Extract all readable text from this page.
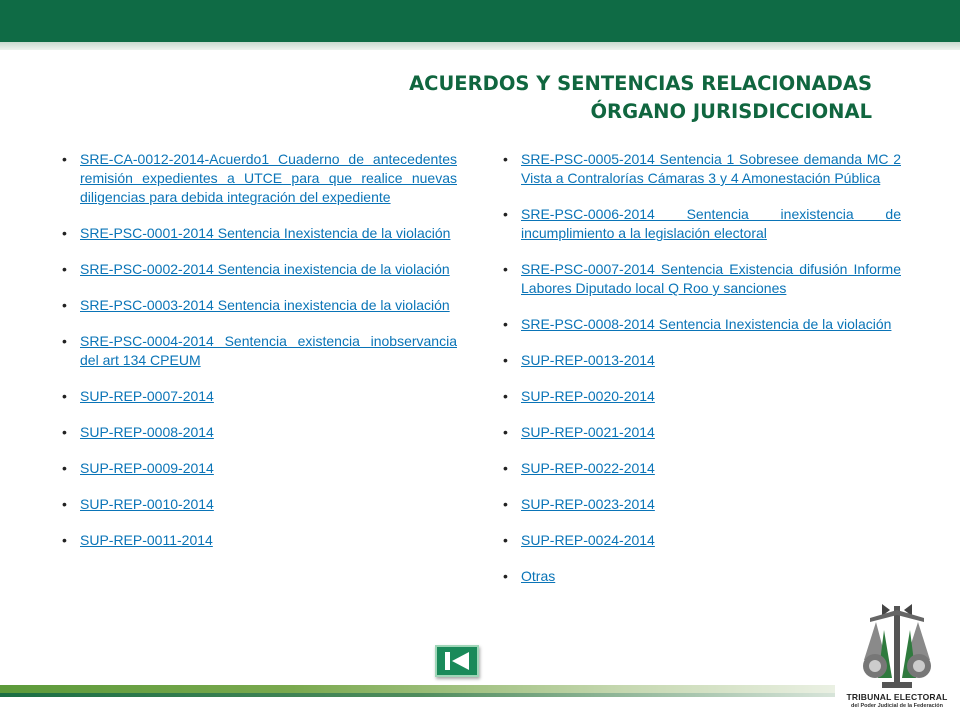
ACUERDOS Y SENTENCIAS RELACIONADAS
ÓRGANO JURISDICCIONAL
• SRE-CA-0012-2014-Acuerdo1 Cuaderno de antecedentes remisión expedientes a UTCE para que realice nuevas diligencias para debida integración del expediente
• SRE-PSC-0001-2014 Sentencia Inexistencia de la violación
• SRE-PSC-0002-2014 Sentencia inexistencia de la violación
• SRE-PSC-0003-2014 Sentencia inexistencia de la violación
• SRE-PSC-0004-2014 Sentencia existencia inobservancia del art 134 CPEUM
• SUP-REP-0007-2014
• SUP-REP-0008-2014
• SUP-REP-0009-2014
• SUP-REP-0010-2014
• SUP-REP-0011-2014
• SRE-PSC-0005-2014 Sentencia 1 Sobresee demanda MC 2 Vista a Contralorías Cámaras 3 y 4 Amonestación Pública
• SRE-PSC-0006-2014 Sentencia inexistencia de incumplimiento a la legislación electoral
• SRE-PSC-0007-2014 Sentencia Existencia difusión Informe Labores Diputado local Q Roo y sanciones
• SRE-PSC-0008-2014 Sentencia Inexistencia de la violación
• SUP-REP-0013-2014
• SUP-REP-0020-2014
• SUP-REP-0021-2014
• SUP-REP-0022-2014
• SUP-REP-0023-2014
• SUP-REP-0024-2014
• Otras
TRIBUNAL ELECTORAL
del Poder Judicial de la Federación
